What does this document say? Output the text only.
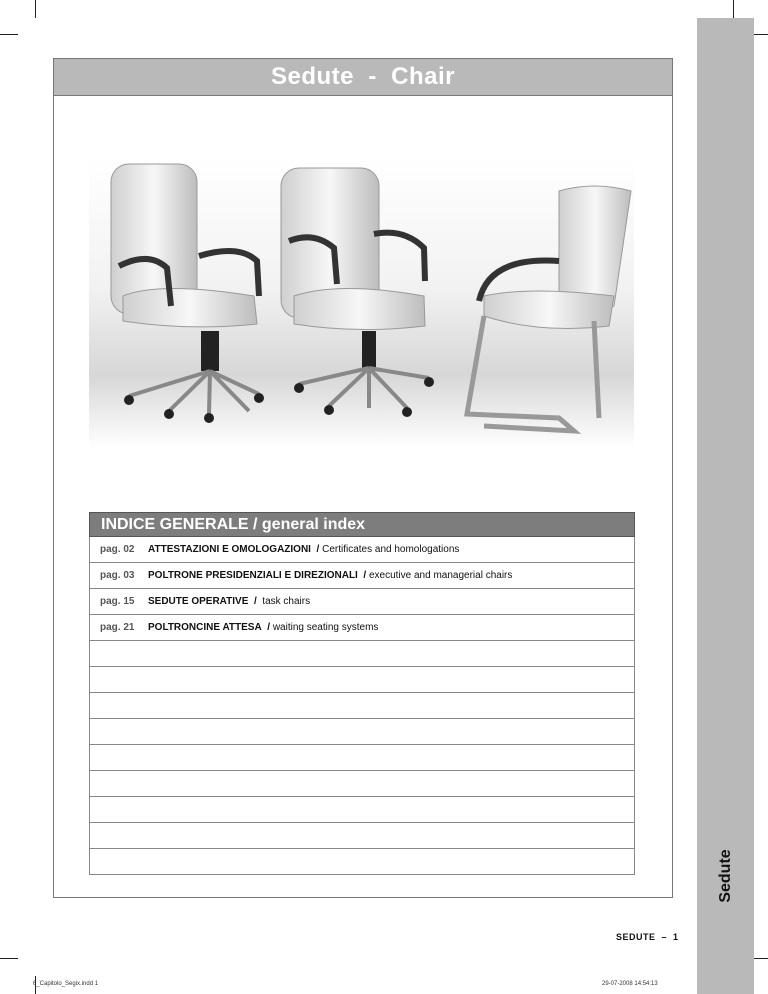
Sedute
Sedute  -  Chair
INDICE GENERALE / general index
pag. 02	ATTESTAZIONI E OMOLOGAZIONI / Certificates and homologations
pag. 03	POLTRONE PRESIDENZIALI E DIREZIONALI / executive and managerial chairs
pag. 15	SEDUTE OPERATIVE / task chairs
pag. 21	POLTRONCINE ATTESA / waiting seating systems
SEDUTE  –  1
6_Capitolo_Segix.indd 1	29-07-2008 14:54:13
